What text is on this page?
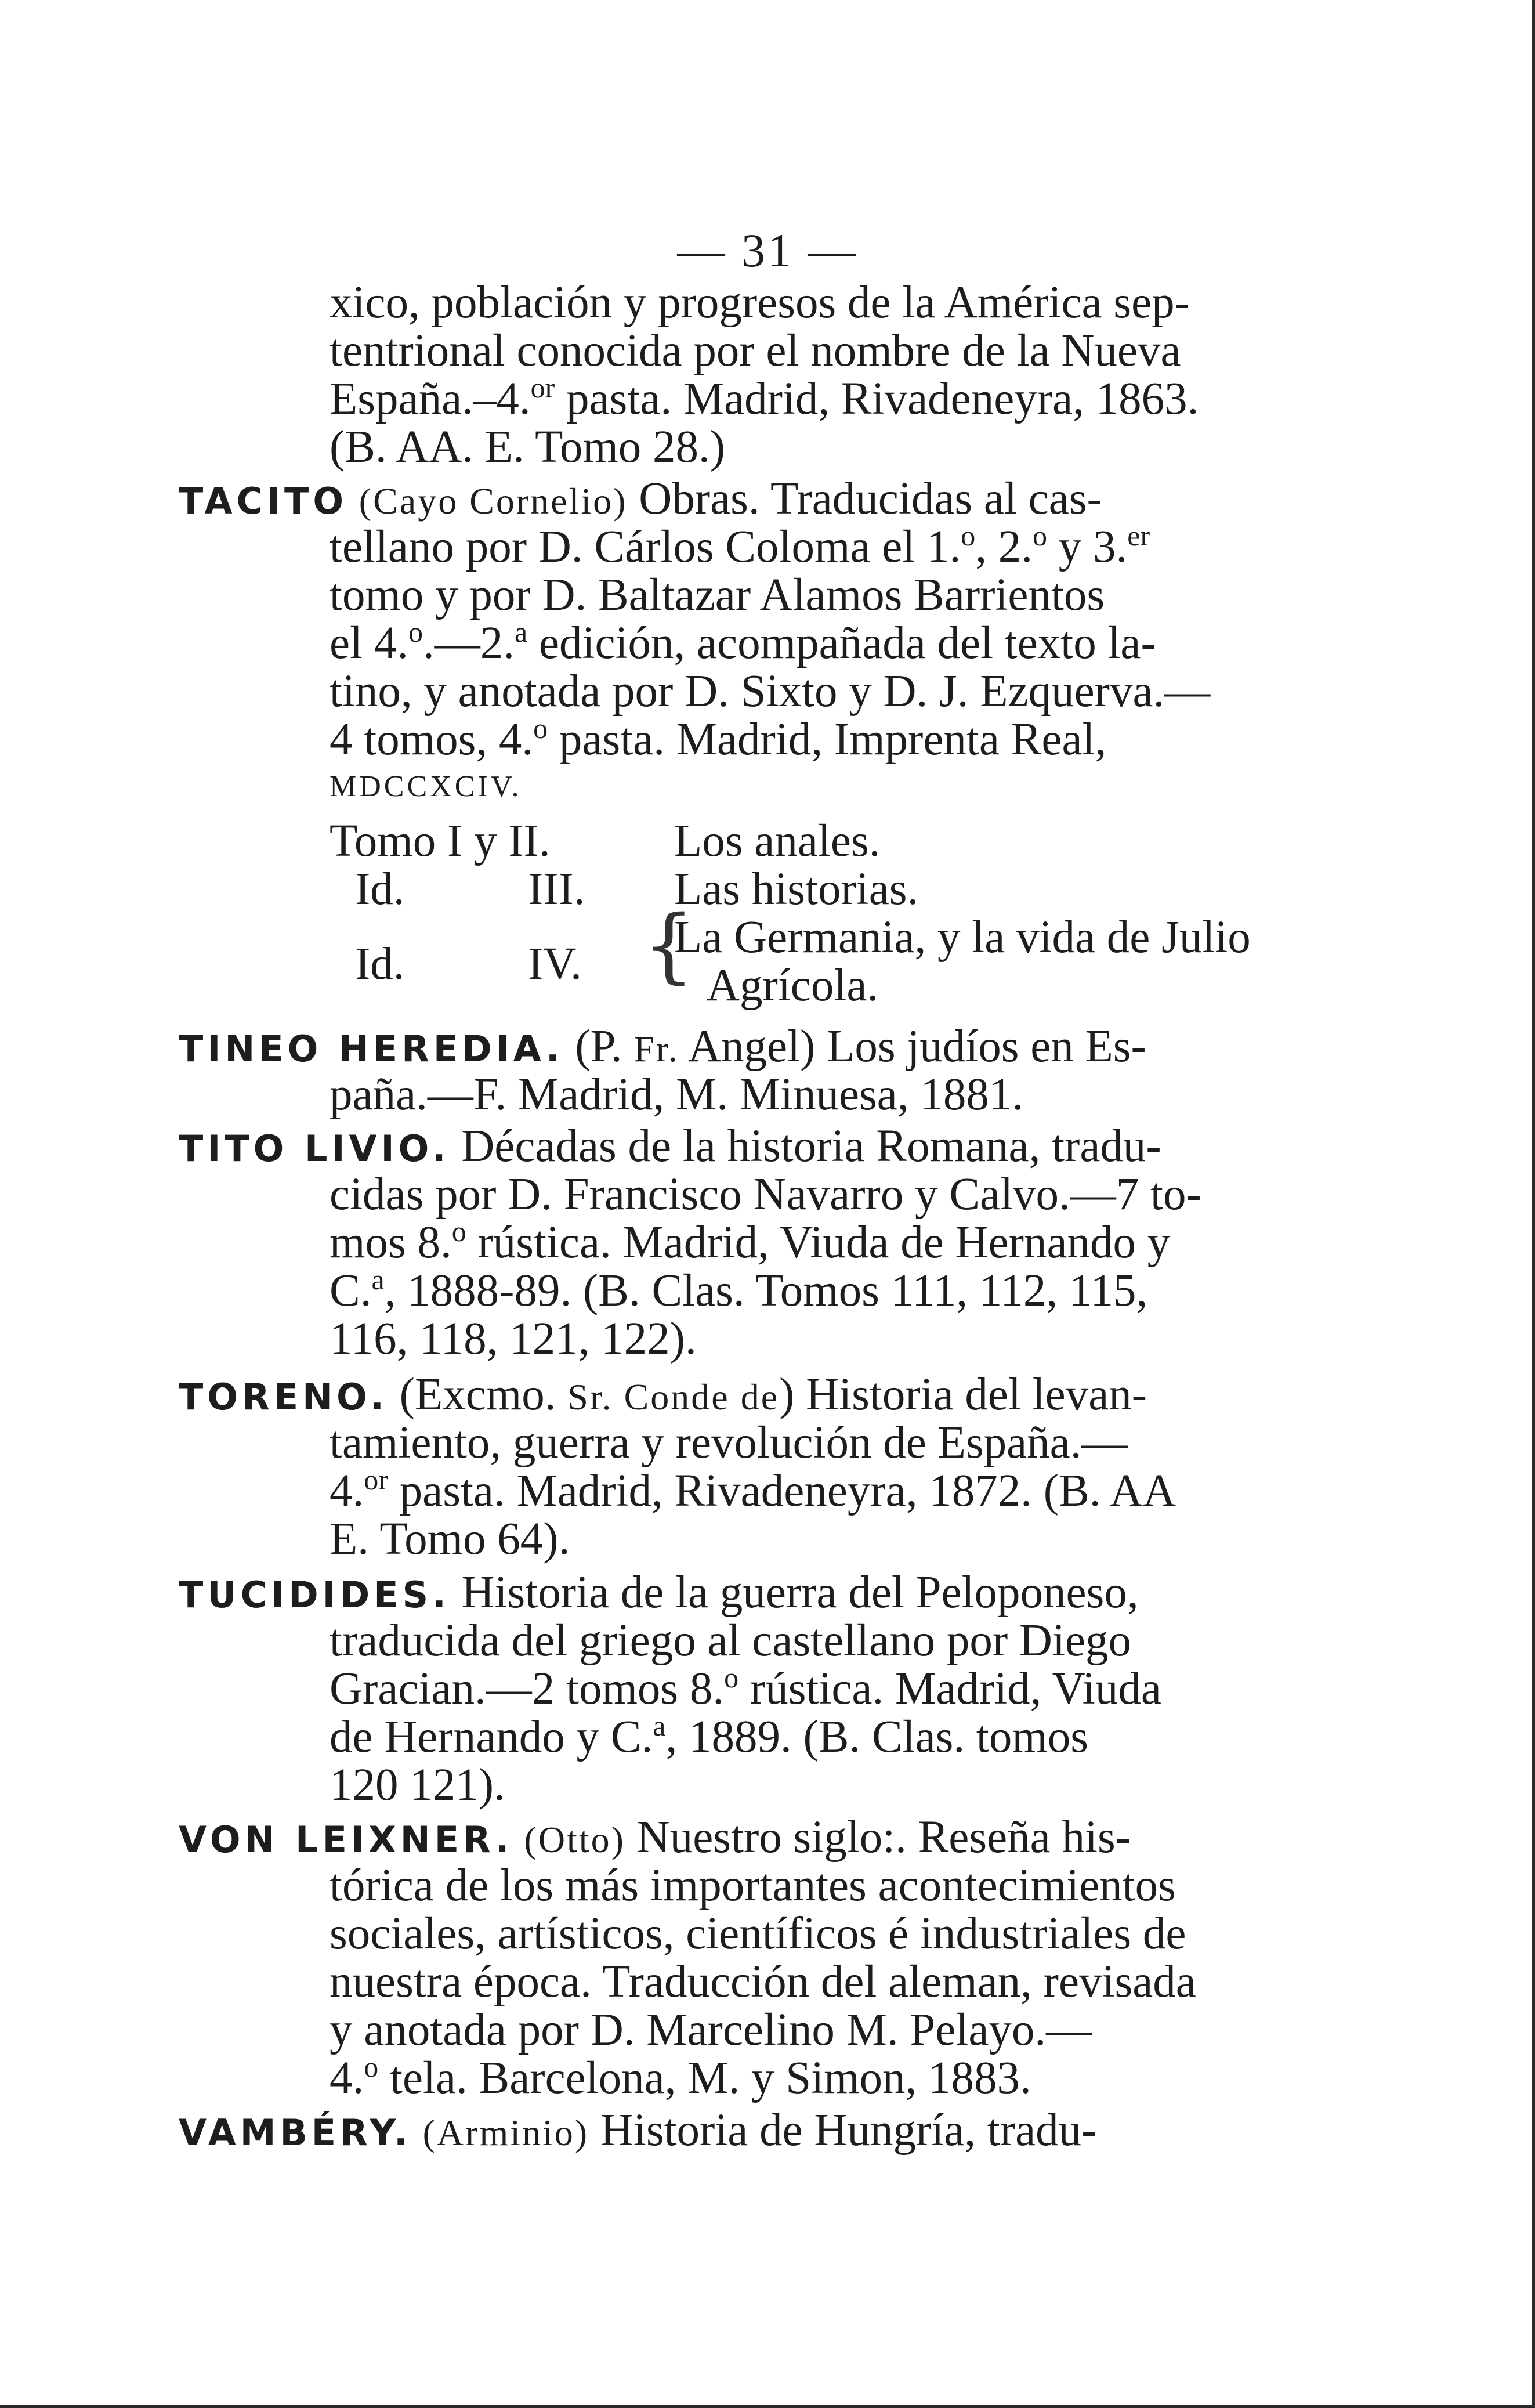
— 31 —
xico, población y progresos de la América sep-
tentrional conocida por el nombre de la Nueva
España.–4.$^{or}$ pasta. Madrid, Rivadeneyra, 1863.
(B. AA. E. Tomo 28.)
TACITO (Cayo Cornelio) Obras. Traducidas al cas-
tellano por D. Cárlos Coloma el 1.$^o$, 2.$^o$ y 3.$^{er}$
tomo y por D. Baltazar Alamos Barrientos
el 4.$^o$.—2.$^a$ edición, acompañada del texto la-
tino, y anotada por D. Sixto y D. J. Ezquerva.—
4 tomos, 4.$^o$ pasta. Madrid, Imprenta Real,
MDCCXCIV.
Tomo I y II.	Los anales.
Id.	III. Las historias.
Id.	IV. {
La Germania, y la vida de Julio
Agrícola.
TINEO HEREDIA. (P. Fr. Angel) Los judíos en Es-
paña.—F. Madrid, M. Minuesa, 1881.
TITO LIVIO. Décadas de la historia Romana, tradu-
cidas por D. Francisco Navarro y Calvo.—7 to-
mos 8.$^o$ rústica. Madrid, Viuda de Hernando y
C.$^a$, 1888-89. (B. Clas. Tomos 111, 112, 115,
116, 118, 121, 122).
TORENO. (Excmo. Sr. Conde de) Historia del levan-
tamiento, guerra y revolución de España.—
4.$^{or}$ pasta. Madrid, Rivadeneyra, 1872. (B. AA
E. Tomo 64).
TUCIDIDES. Historia de la guerra del Peloponeso,
traducida del griego al castellano por Diego
Gracian.—2 tomos 8.$^o$ rústica. Madrid, Viuda
de Hernando y C.$^a$, 1889. (B. Clas. tomos
120 121).
VON LEIXNER. (Otto) Nuestro siglo:. Reseña his-
tórica de los más importantes acontecimientos
sociales, artísticos, científicos é industriales de
nuestra época. Traducción del aleman, revisada
y anotada por D. Marcelino M. Pelayo.—
4.$^o$ tela. Barcelona, M. y Simon, 1883.
VAMBÉRY. (Arminio) Historia de Hungría, tradu-
